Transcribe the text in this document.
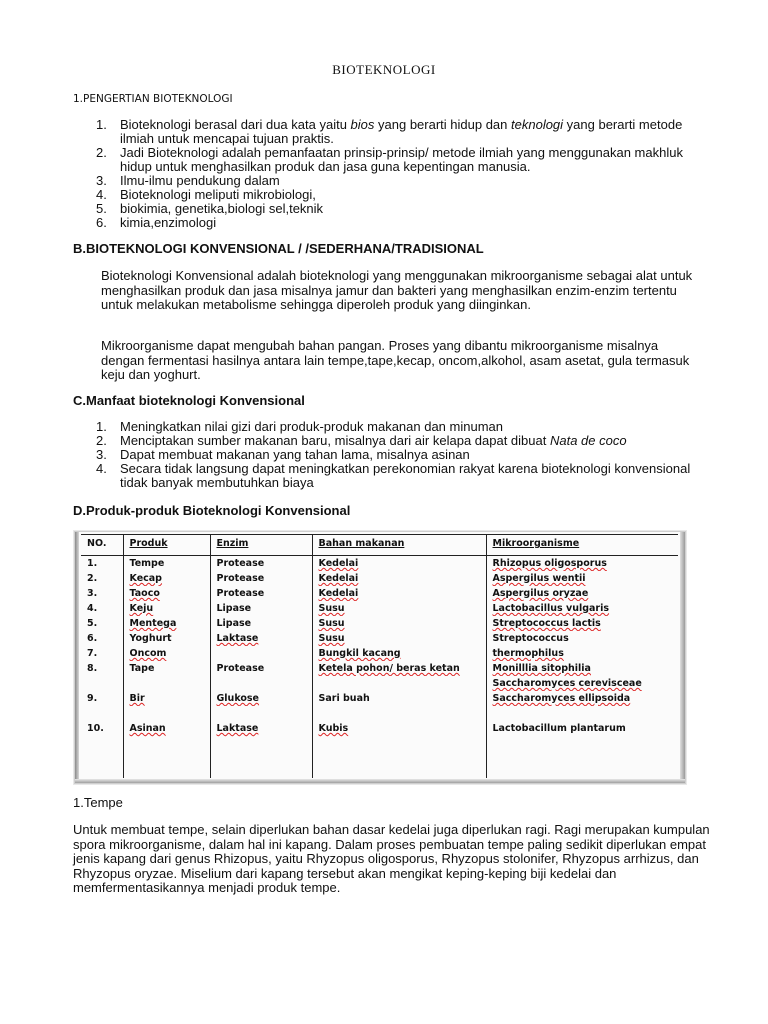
BIOTEKNOLOGI
1.PENGERTIAN BIOTEKNOLOGI
1. Bioteknologi berasal dari dua kata yaitu bios yang berarti hidup dan teknologi yang berarti metode ilmiah untuk mencapai tujuan praktis.
2. Jadi Bioteknologi adalah pemanfaatan prinsip-prinsip/ metode ilmiah yang menggunakan makhluk hidup untuk menghasilkan produk dan jasa guna kepentingan manusia.
3. Ilmu-ilmu pendukung dalam
4. Bioteknologi meliputi mikrobiologi,
5. biokimia, genetika,biologi sel,teknik
6. kimia,enzimologi
B.BIOTEKNOLOGI KONVENSIONAL / /SEDERHANA/TRADISIONAL

Bioteknologi Konvensional adalah bioteknologi yang menggunakan mikroorganisme sebagai alat untuk menghasilkan produk dan jasa misalnya jamur dan bakteri yang menghasilkan enzim-enzim tertentu untuk melakukan metabolisme sehingga diperoleh produk yang diinginkan.

Mikroorganisme dapat mengubah bahan pangan. Proses yang dibantu mikroorganisme misalnya dengan fermentasi hasilnya antara lain tempe,tape,kecap, oncom,alkohol, asam asetat, gula termasuk keju dan yoghurt.

C.Manfaat bioteknologi Konvensional
1. Meningkatkan nilai gizi dari produk-produk makanan dan minuman
2. Menciptakan sumber makanan baru, misalnya dari air kelapa dapat dibuat Nata de coco
3. Dapat membuat makanan yang tahan lama, misalnya asinan
4. Secara tidak langsung dapat meningkatkan perekonomian rakyat karena bioteknologi konvensional tidak banyak membutuhkan biaya
D.Produk-produk Bioteknologi Konvensional
NO.	Produk	Enzim	Bahan makanan	Mikroorganisme
1.	Tempe	Protease	Kedelai	Rhizopus oligosporus
2.	Kecap	Protease	Kedelai	Aspergilus wentii
3.	Taoco	Protease	Kedelai	Aspergilus oryzae
4.	Keju	Lipase	Susu	Lactobacillus vulgaris
5.	Mentega	Lipase	Susu	Streptococcus lactis
6.	Yoghurt	Laktase	Susu	Streptococcus
7.	Oncom		Bungkil kacang	thermophilus
8.	Tape	Protease	Ketela pohon/ beras ketan	Monilllia sitophilia
				Saccharomyces cerevisceae
9.	Bir	Glukose	Sari buah	Saccharomyces ellipsoida

10.	Asinan	Laktase	Kubis	Lactobacillum plantarum
1.Tempe

Untuk membuat tempe, selain diperlukan bahan dasar kedelai juga diperlukan ragi. Ragi merupakan kumpulan spora mikroorganisme, dalam hal ini kapang. Dalam proses pembuatan tempe paling sedikit diperlukan empat jenis kapang dari genus Rhizopus, yaitu Rhyzopus oligosporus, Rhyzopus stolonifer, Rhyzopus arrhizus, dan Rhyzopus oryzae. Miselium dari kapang tersebut akan mengikat keping-keping biji kedelai dan memfermentasikannya menjadi produk tempe.
